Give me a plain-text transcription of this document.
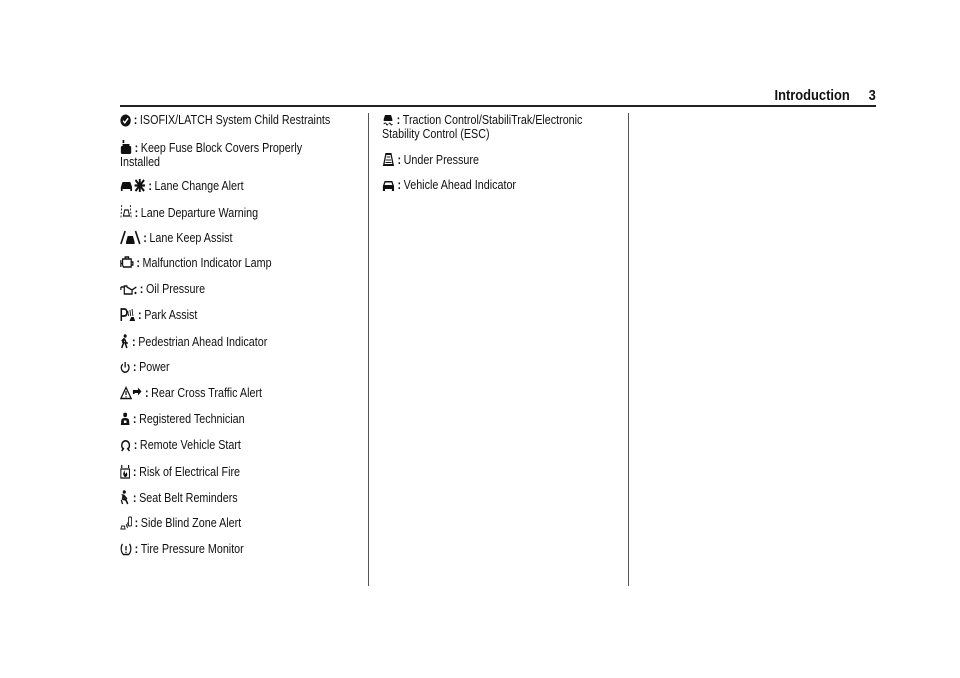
Introduction 3
: ISOFIX/LATCH System Child Restraints
: Keep Fuse Block Covers Properly
Installed
: Lane Change Alert
: Lane Departure Warning
: Lane Keep Assist
: Malfunction Indicator Lamp
: Oil Pressure
: Park Assist
: Pedestrian Ahead Indicator
: Power
: Rear Cross Traffic Alert
: Registered Technician
: Remote Vehicle Start
: Risk of Electrical Fire
: Seat Belt Reminders
: Side Blind Zone Alert
: Tire Pressure Monitor
: Traction Control/StabiliTrak/Electronic
Stability Control (ESC)
: Under Pressure
: Vehicle Ahead Indicator
